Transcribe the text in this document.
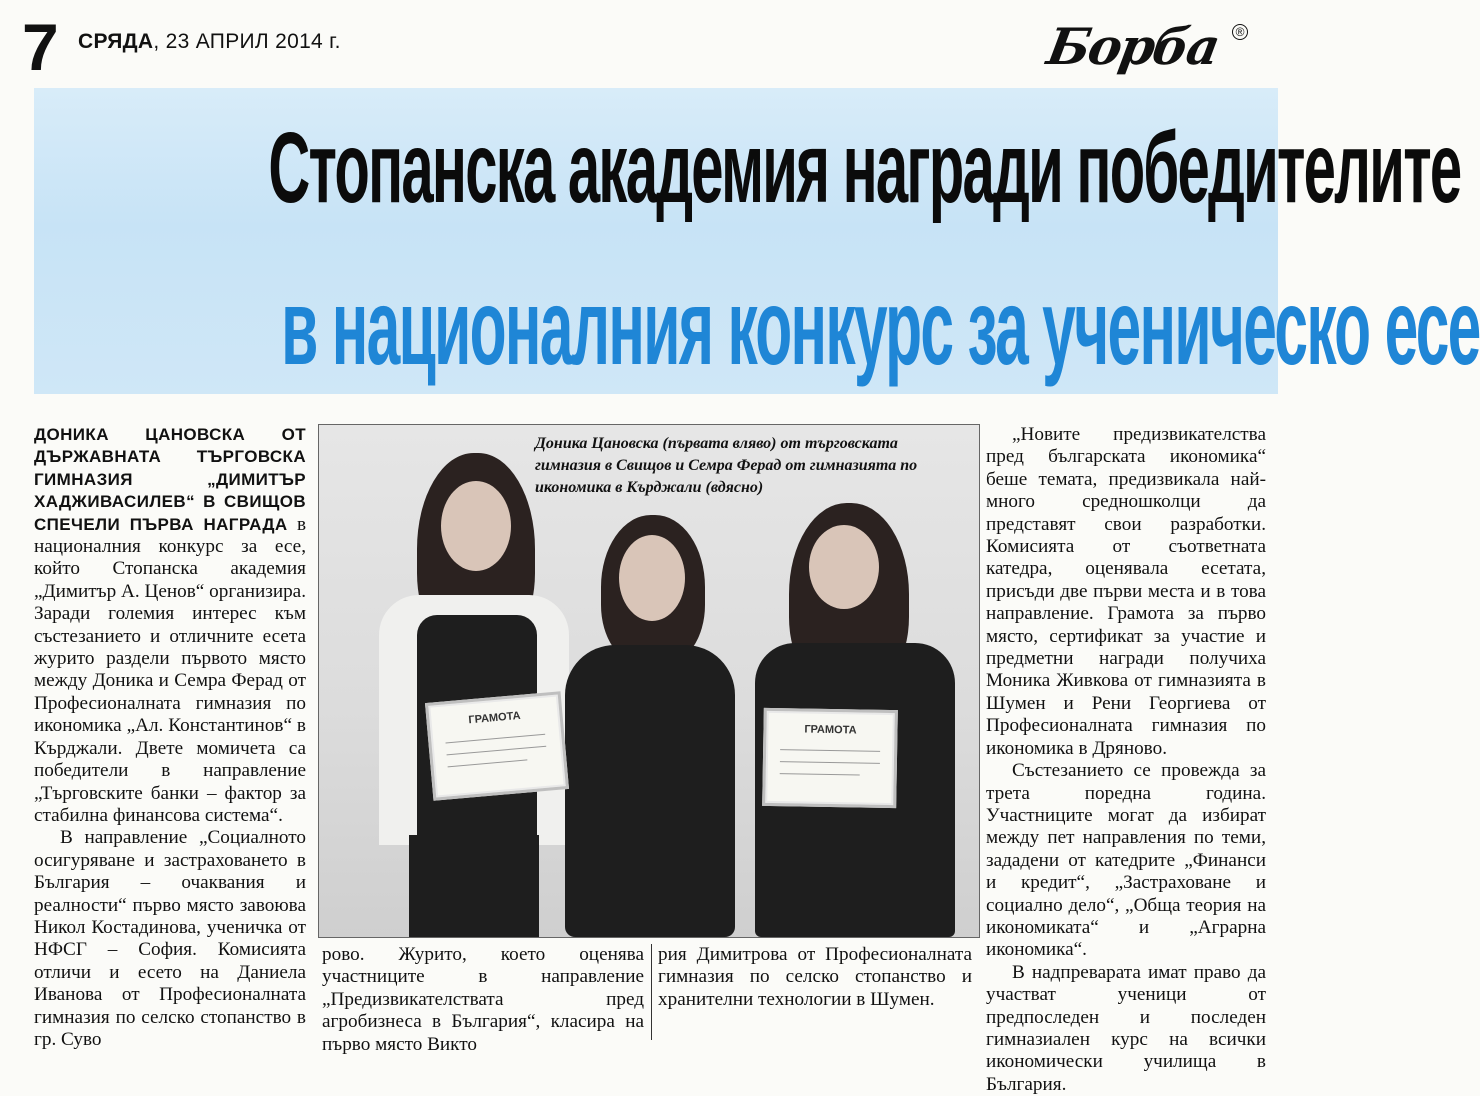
7 СРЯДА, 23 АПРИЛ 2014 г.	Борба ®
Стопанска академия награди победителите
в националния конкурс за ученическо есе

ДОНИКА ЦАНОВСКА ОТ ДЪРЖАВНАТА ТЪРГОВСКА ГИМНАЗИЯ „ДИМИТЪР ХАДЖИВАСИЛЕВ“ В СВИЩОВ СПЕЧЕЛИ ПЪРВА НАГРАДА в националния конкурс за есе, който Стопанска академия „Димитър А. Ценов“ организира. Заради големия интерес към състезанието и отличните есета журито раздели първото място между Доника и Семра Ферад от Професионалната гимназия по икономика „Ал. Константинов“ в Кърджали. Двете момичета са победители в направление „Търговските банки – фактор за стабилна финансова система“.

В направление „Социалното осигуряване и застраховането в България – очаквания и реалности“ първо място завоюва Никол Костадинова, ученичка от НФСГ – София. Комисията отличи и есето на Даниела Иванова от Професионалната гимназия по селско стопанство в гр. Суво

ГРАМОТА
ГРАМОТА
Доника Цановска (първата вляво) от търговската гимназия в Свищов и Семра Ферад от гимназията по икономика в Кърджали (вдясно)

рово. Журито, което оценява участниците в направление „Предизвикателствата пред агробизнеса в България“, класира на първо място Викто

рия Димитрова от Професионалната гимназия по селско стопанство и хранителни технологии в Шумен.

„Новите предизвикателства пред българската икономика“ беше темата, предизвикала най-много средношколци да представят свои разработки. Комисията от съответната катедра, оценявала есетата, присъди две първи места и в това направление. Грамота за първо място, сертификат за участие и предметни награди получиха Моника Живкова от гимназията в Шумен и Рени Георгиева от Професионалната гимназия по икономика в Дряново.

Състезанието се провежда за трета поредна година. Участниците могат да избират между пет направления по теми, зададени от катедрите „Финанси и кредит“, „Застраховане и социално дело“, „Обща теория на икономиката“ и „Аграрна икономика“.

В надпреварата имат право да участват ученици от предпоследен и последен гимназиален курс на всички икономически училища в България.
